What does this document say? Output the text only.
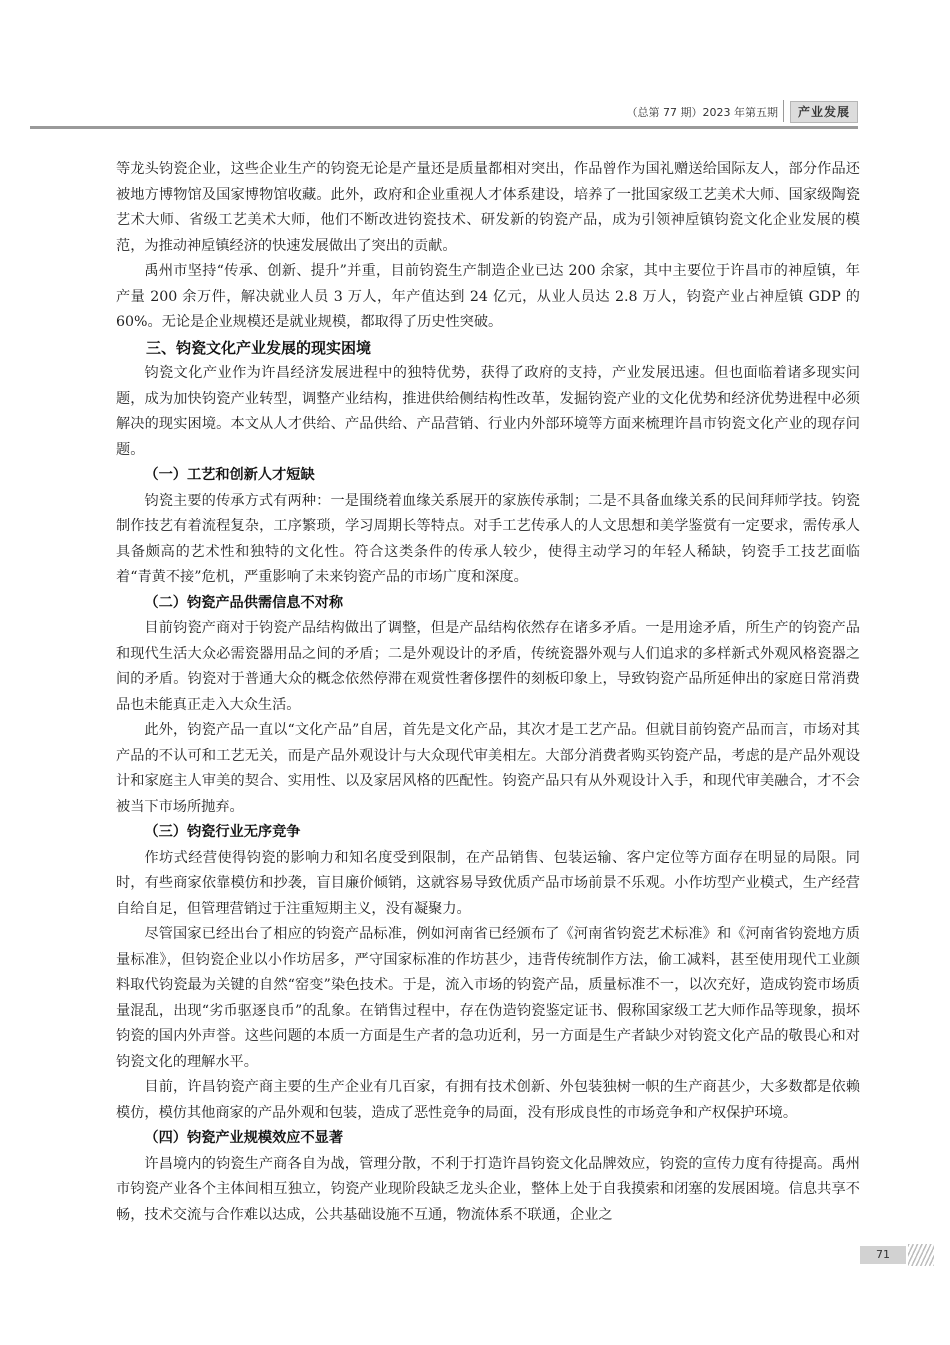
（总第 77 期）2023 年第五期	产业发展

等龙头钧瓷企业，这些企业生产的钧瓷无论是产量还是质量都相对突出，作品曾作为国礼赠送给国际友人，部分作品还被地方博物馆及国家博物馆收藏。此外，政府和企业重视人才体系建设，培养了一批国家级工艺美术大师、国家级陶瓷艺术大师、省级工艺美术大师，他们不断改进钧瓷技术、研发新的钧瓷产品，成为引领神垕镇钧瓷文化企业发展的模范，为推动神垕镇经济的快速发展做出了突出的贡献。

禹州市坚持“传承、创新、提升”并重，目前钧瓷生产制造企业已达 200 余家，其中主要位于许昌市的神垕镇，年产量 200 余万件，解决就业人员 3 万人，年产值达到 24 亿元，从业人员达 2.8 万人，钧瓷产业占神垕镇 GDP 的 60%。无论是企业规模还是就业规模，都取得了历史性突破。

三、钧瓷文化产业发展的现实困境

钧瓷文化产业作为许昌经济发展进程中的独特优势，获得了政府的支持，产业发展迅速。但也面临着诸多现实问题，成为加快钧瓷产业转型，调整产业结构，推进供给侧结构性改革，发掘钧瓷产业的文化优势和经济优势进程中必须解决的现实困境。本文从人才供给、产品供给、产品营销、行业内外部环境等方面来梳理许昌市钧瓷文化产业的现存问题。

（一）工艺和创新人才短缺

钧瓷主要的传承方式有两种：一是围绕着血缘关系展开的家族传承制；二是不具备血缘关系的民间拜师学技。钧瓷制作技艺有着流程复杂，工序繁琐，学习周期长等特点。对手工艺传承人的人文思想和美学鉴赏有一定要求，需传承人具备颇高的艺术性和独特的文化性。符合这类条件的传承人较少，使得主动学习的年轻人稀缺，钧瓷手工技艺面临着“青黄不接”危机，严重影响了未来钧瓷产品的市场广度和深度。

（二）钧瓷产品供需信息不对称

目前钧瓷产商对于钧瓷产品结构做出了调整，但是产品结构依然存在诸多矛盾。一是用途矛盾，所生产的钧瓷产品和现代生活大众必需瓷器用品之间的矛盾；二是外观设计的矛盾，传统瓷器外观与人们追求的多样新式外观风格瓷器之间的矛盾。钧瓷对于普通大众的概念依然停滞在观赏性奢侈摆件的刻板印象上，导致钧瓷产品所延伸出的家庭日常消费品也未能真正走入大众生活。

此外，钧瓷产品一直以“文化产品”自居，首先是文化产品，其次才是工艺产品。但就目前钧瓷产品而言，市场对其产品的不认可和工艺无关，而是产品外观设计与大众现代审美相左。大部分消费者购买钧瓷产品，考虑的是产品外观设计和家庭主人审美的契合、实用性、以及家居风格的匹配性。钧瓷产品只有从外观设计入手，和现代审美融合，才不会被当下市场所抛弃。

（三）钧瓷行业无序竞争

作坊式经营使得钧瓷的影响力和知名度受到限制，在产品销售、包装运输、客户定位等方面存在明显的局限。同时，有些商家依靠模仿和抄袭，盲目廉价倾销，这就容易导致优质产品市场前景不乐观。小作坊型产业模式，生产经营自给自足，但管理营销过于注重短期主义，没有凝聚力。

尽管国家已经出台了相应的钧瓷产品标准，例如河南省已经颁布了《河南省钧瓷艺术标准》和《河南省钧瓷地方质量标准》，但钧瓷企业以小作坊居多，严守国家标准的作坊甚少，违背传统制作方法，偷工减料，甚至使用现代工业颜料取代钧瓷最为关键的自然“窑变”染色技术。于是，流入市场的钧瓷产品，质量标准不一，以次充好，造成钧瓷市场质量混乱，出现“劣币驱逐良币”的乱象。在销售过程中，存在伪造钧瓷鉴定证书、假称国家级工艺大师作品等现象，损坏钧瓷的国内外声誉。这些问题的本质一方面是生产者的急功近利，另一方面是生产者缺少对钧瓷文化产品的敬畏心和对钧瓷文化的理解水平。

目前，许昌钧瓷产商主要的生产企业有几百家，有拥有技术创新、外包装独树一帜的生产商甚少，大多数都是依赖模仿，模仿其他商家的产品外观和包装，造成了恶性竞争的局面，没有形成良性的市场竞争和产权保护环境。

（四）钧瓷产业规模效应不显著

许昌境内的钧瓷生产商各自为战，管理分散，不利于打造许昌钧瓷文化品牌效应，钧瓷的宣传力度有待提高。禹州市钧瓷产业各个主体间相互独立，钧瓷产业现阶段缺乏龙头企业，整体上处于自我摸索和闭塞的发展困境。信息共享不畅，技术交流与合作难以达成，公共基础设施不互通，物流体系不联通，企业之

71
